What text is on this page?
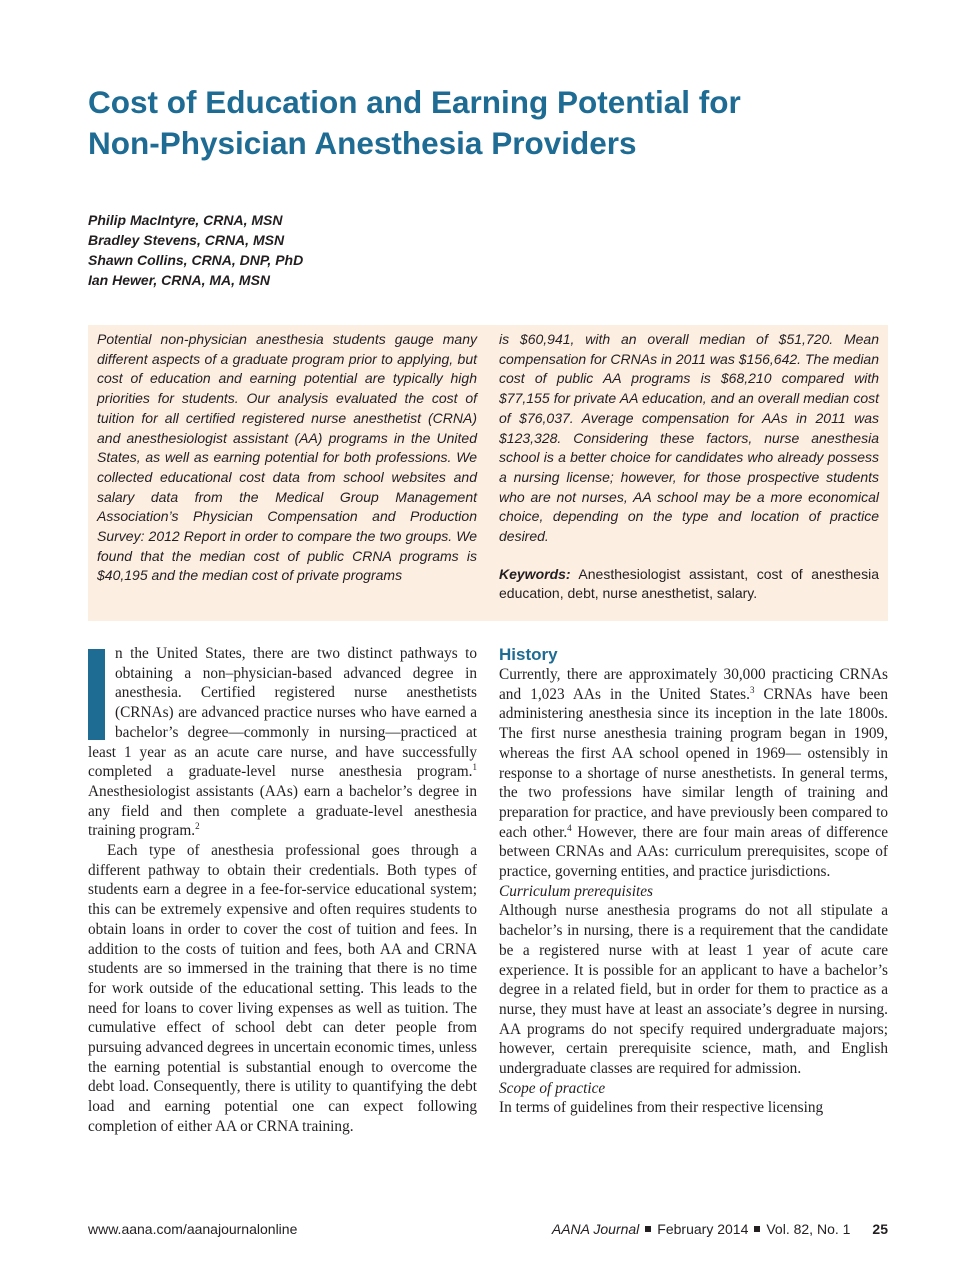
Cost of Education and Earning Potential for
Non-Physician Anesthesia Providers
Philip MacIntyre, CRNA, MSN
Bradley Stevens, CRNA, MSN
Shawn Collins, CRNA, DNP, PhD
Ian Hewer, CRNA, MA, MSN

Potential non-physician anesthesia students gauge many different aspects of a graduate program prior to applying, but cost of education and earning potential are typically high priorities for students. Our analysis evaluated the cost of tuition for all certified registered nurse anesthetist (CRNA) and anesthesiologist assistant (AA) programs in the United States, as well as earning potential for both professions. We collected educational cost data from school websites and salary data from the Medical Group Management Association’s Physician Compensation and Production Survey: 2012 Report in order to compare the two groups. We found that the median cost of public CRNA programs is $40,195 and the median cost of private programs

is $60,941, with an overall median of $51,720. Mean compensation for CRNAs in 2011 was $156,642. The median cost of public AA programs is $68,210 compared with $77,155 for private AA education, and an overall median cost of $76,037. Average compensation for AAs in 2011 was $123,328. Considering these factors, nurse anesthesia school is a better choice for candidates who already possess a nursing license; however, for those prospective students who are not nurses, AA school may be a more economical choice, depending on the type and location of practice desired.

Keywords: Anesthesiologist assistant, cost of anesthesia education, debt, nurse anesthetist, salary.

n the United States, there are two distinct pathways to obtaining a non–physician-based advanced degree in anesthesia. Certified registered nurse anesthetists (CRNAs) are advanced practice nurses who have earned a bachelor’s degree—commonly in nursing—practiced at least 1 year as an acute care nurse, and have successfully completed a graduate-level nurse anesthesia program.$^1$ Anesthesiologist assistants (AAs) earn a bachelor’s degree in any field and then complete a graduate-level anesthesia training program.$^2$

Each type of anesthesia professional goes through a different pathway to obtain their credentials. Both types of students earn a degree in a fee-for-service educational system; this can be extremely expensive and often requires students to obtain loans in order to cover the cost of tuition and fees. In addition to the costs of tuition and fees, both AA and CRNA students are so immersed in the training that there is no time for work outside of the educational setting. This leads to the need for loans to cover living expenses as well as tuition. The cumulative effect of school debt can deter people from pursuing advanced degrees in uncertain economic times, unless the earning potential is substantial enough to overcome the debt load. Consequently, there is utility to quantifying the debt load and earning potential one can expect following completion of either AA or CRNA training.

History

Currently, there are approximately 30,000 practicing CRNAs and 1,023 AAs in the United States.$^3$ CRNAs have been administering anesthesia since its inception in the late 1800s. The first nurse anesthesia training program began in 1909, whereas the first AA school opened in 1969— ostensibly in response to a shortage of nurse anesthetists. In general terms, the two professions have similar length of training and preparation for practice, and have previously been compared to each other.$^4$ However, there are four main areas of difference between CRNAs and AAs: curriculum prerequisites, scope of practice, governing entities, and practice jurisdictions.

Curriculum prerequisites

Although nurse anesthesia programs do not all stipulate a bachelor’s in nursing, there is a requirement that the candidate be a registered nurse with at least 1 year of acute care experience. It is possible for an applicant to have a bachelor’s degree in a related field, but in order for them to practice as a nurse, they must have at least an associate’s degree in nursing. AA programs do not specify required undergraduate majors; however, certain prerequisite science, math, and English undergraduate classes are required for admission.

Scope of practice

In terms of guidelines from their respective licensing

www.aana.com/aanajournalonline	AANA Journal February 2014 Vol. 82, No. 1 25
